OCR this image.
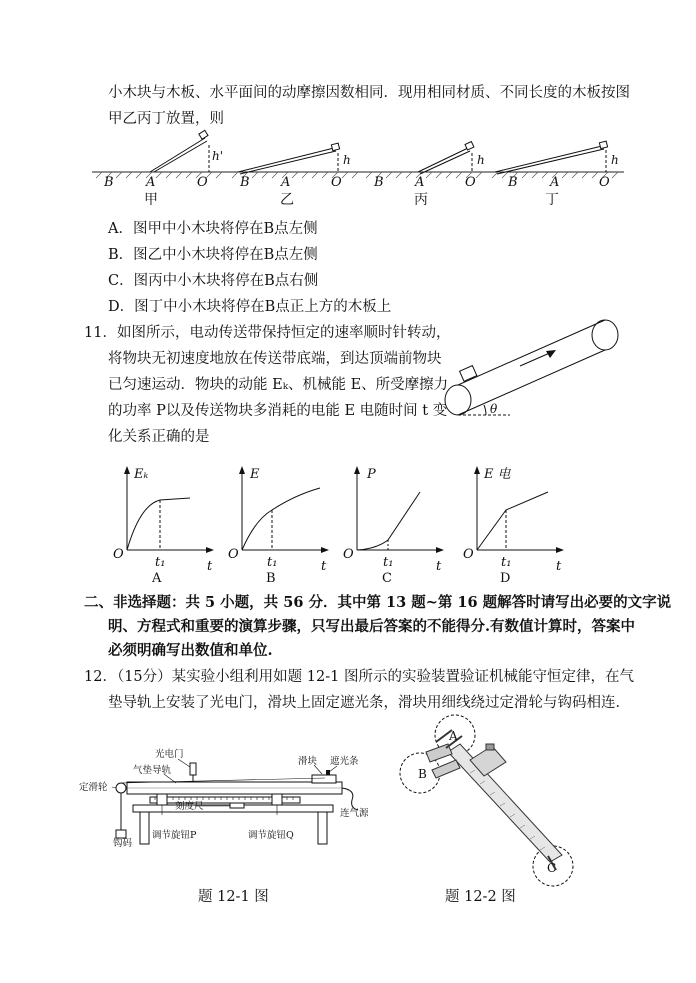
小木块与木板、水平面间的动摩擦因数相同．现用相同材质、不同长度的木板按图
甲乙丙丁放置，则
B A	O
h'
B A	O
h
B A	O
h
B A	O
h
甲	乙	丙	丁
A．图甲中小木块将停在B点左侧
B．图乙中小木块将停在B点左侧
C．图丙中小木块将停在B点右侧
D．图丁中小木块将停在B点正上方的木板上
11．如图所示，电动传送带保持恒定的速率顺时针转动，
将物块无初速度地放在传送带底端，到达顶端前物块
已匀速运动．物块的动能 Eₖ、机械能 E、所受摩擦力
的功率 P以及传送物块多消耗的电能 E 电随时间 t 变
化关系正确的是
θ
Eₖ
t
O
t₁
A
E
t
O
t₁
B
P
t
O
t₁
C
E 电
t
O
t₁
D
二、非选择题：共 5 小题，共 56 分．其中第 13 题~第 16 题解答时请写出必要的文字说
明、方程式和重要的演算步骤，只写出最后答案的不能得分.有数值计算时，答案中
必须明确写出数值和单位.
12．（15分）某实验小组利用如题 12-1 图所示的实验装置验证机械能守恒定律，在气
垫导轨上安装了光电门，滑块上固定遮光条，滑块用细线绕过定滑轮与钩码相连．
光电门
气垫导轨
滑块 遮光条
定滑轮
刻度尺
连气源
钩码
调节旋钮P	调节旋钮Q
A
B
C
题 12-1 图	题 12-2 图
